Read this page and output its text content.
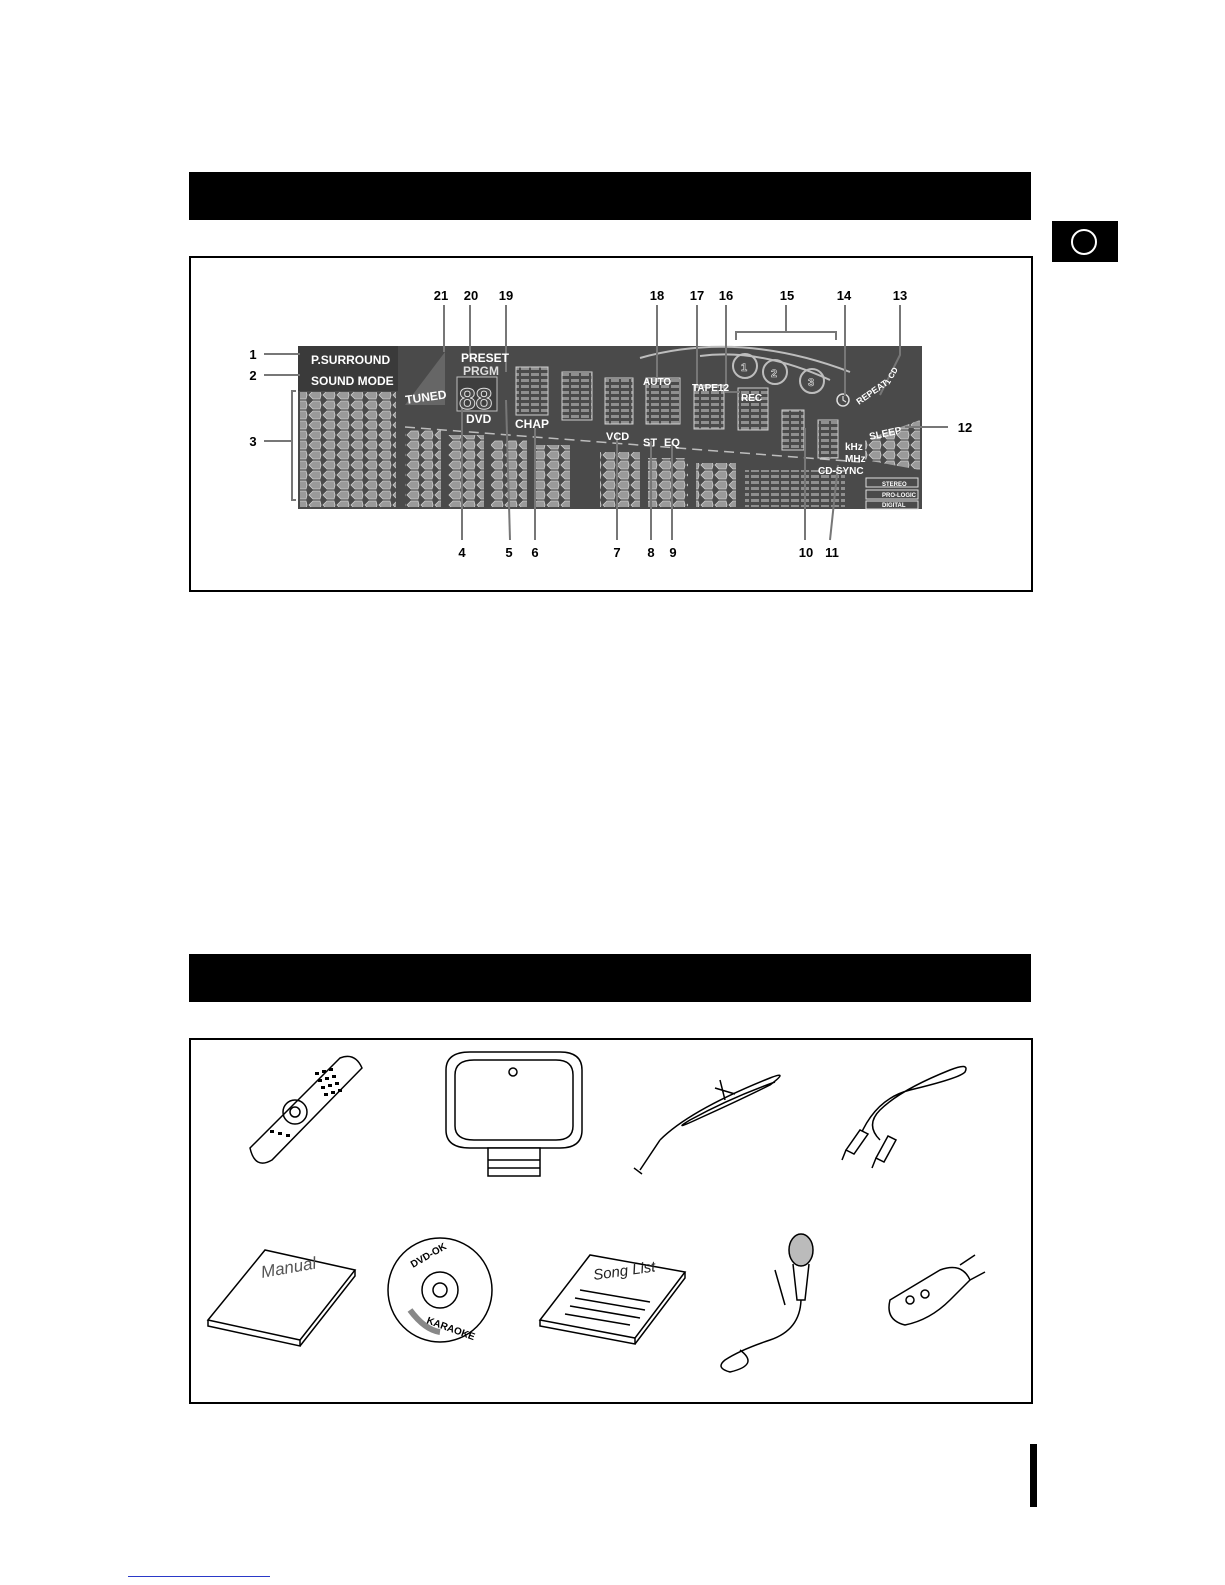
P.SURROUND
SOUND MODE
TUNED
PRESET
PRGM
88
DVD CHAP
AUTO
VCD ST EQ
TAPE12
REC	REPEAT
1 CD
SLEEP
kHz
MHz
CD-SYNC
STEREO
PRO-LOGIC
DIGITAL
1 2
3
21 20 19	18 17 16	15	14	13
1
2
3
12
4	5 6	7 8 9	10 11
Manual	Song List
DVD-OK
KARAOKE
